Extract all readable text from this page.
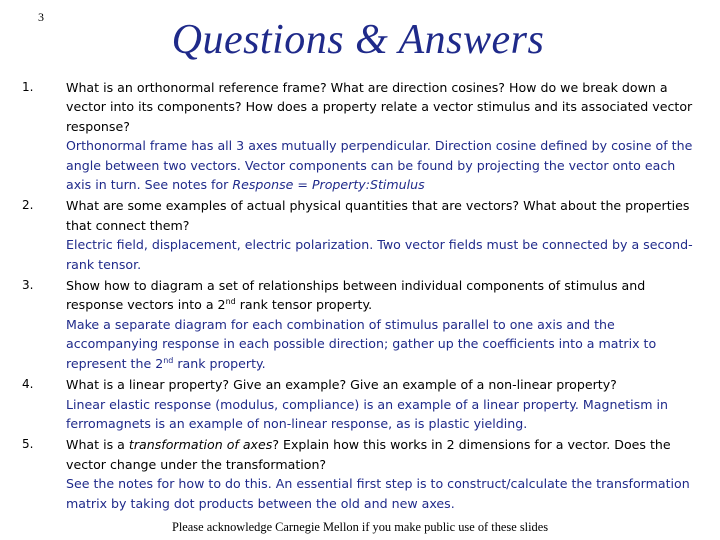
3	Questions & Answers
1.	What is an orthonormal reference frame? What are direction cosines? How do we break down a vector into its components? How does a property relate a vector stimulus and its associated vector response?
Orthonormal frame has all 3 axes mutually perpendicular. Direction cosine defined by cosine of the angle between two vectors. Vector components can be found by projecting the vector onto each axis in turn. See notes for Response = Property:Stimulus
2.	What are some examples of actual physical quantities that are vectors? What about the properties that connect them?
Electric field, displacement, electric polarization. Two vector fields must be connected by a second-rank tensor.
3.	Show how to diagram a set of relationships between individual components of stimulus and response vectors into a 2nd rank tensor property.
Make a separate diagram for each combination of stimulus parallel to one axis and the accompanying response in each possible direction; gather up the coefficients into a matrix to represent the 2nd rank property.
4.	What is a linear property? Give an example? Give an example of a non-linear property?
Linear elastic response (modulus, compliance) is an example of a linear property. Magnetism in ferromagnets is an example of non-linear response, as is plastic yielding.
5.	What is a transformation of axes? Explain how this works in 2 dimensions for a vector. Does the vector change under the transformation?
See the notes for how to do this. An essential first step is to construct/calculate the transformation matrix by taking dot products between the old and new axes.
Please acknowledge Carnegie Mellon if you make public use of these slides
